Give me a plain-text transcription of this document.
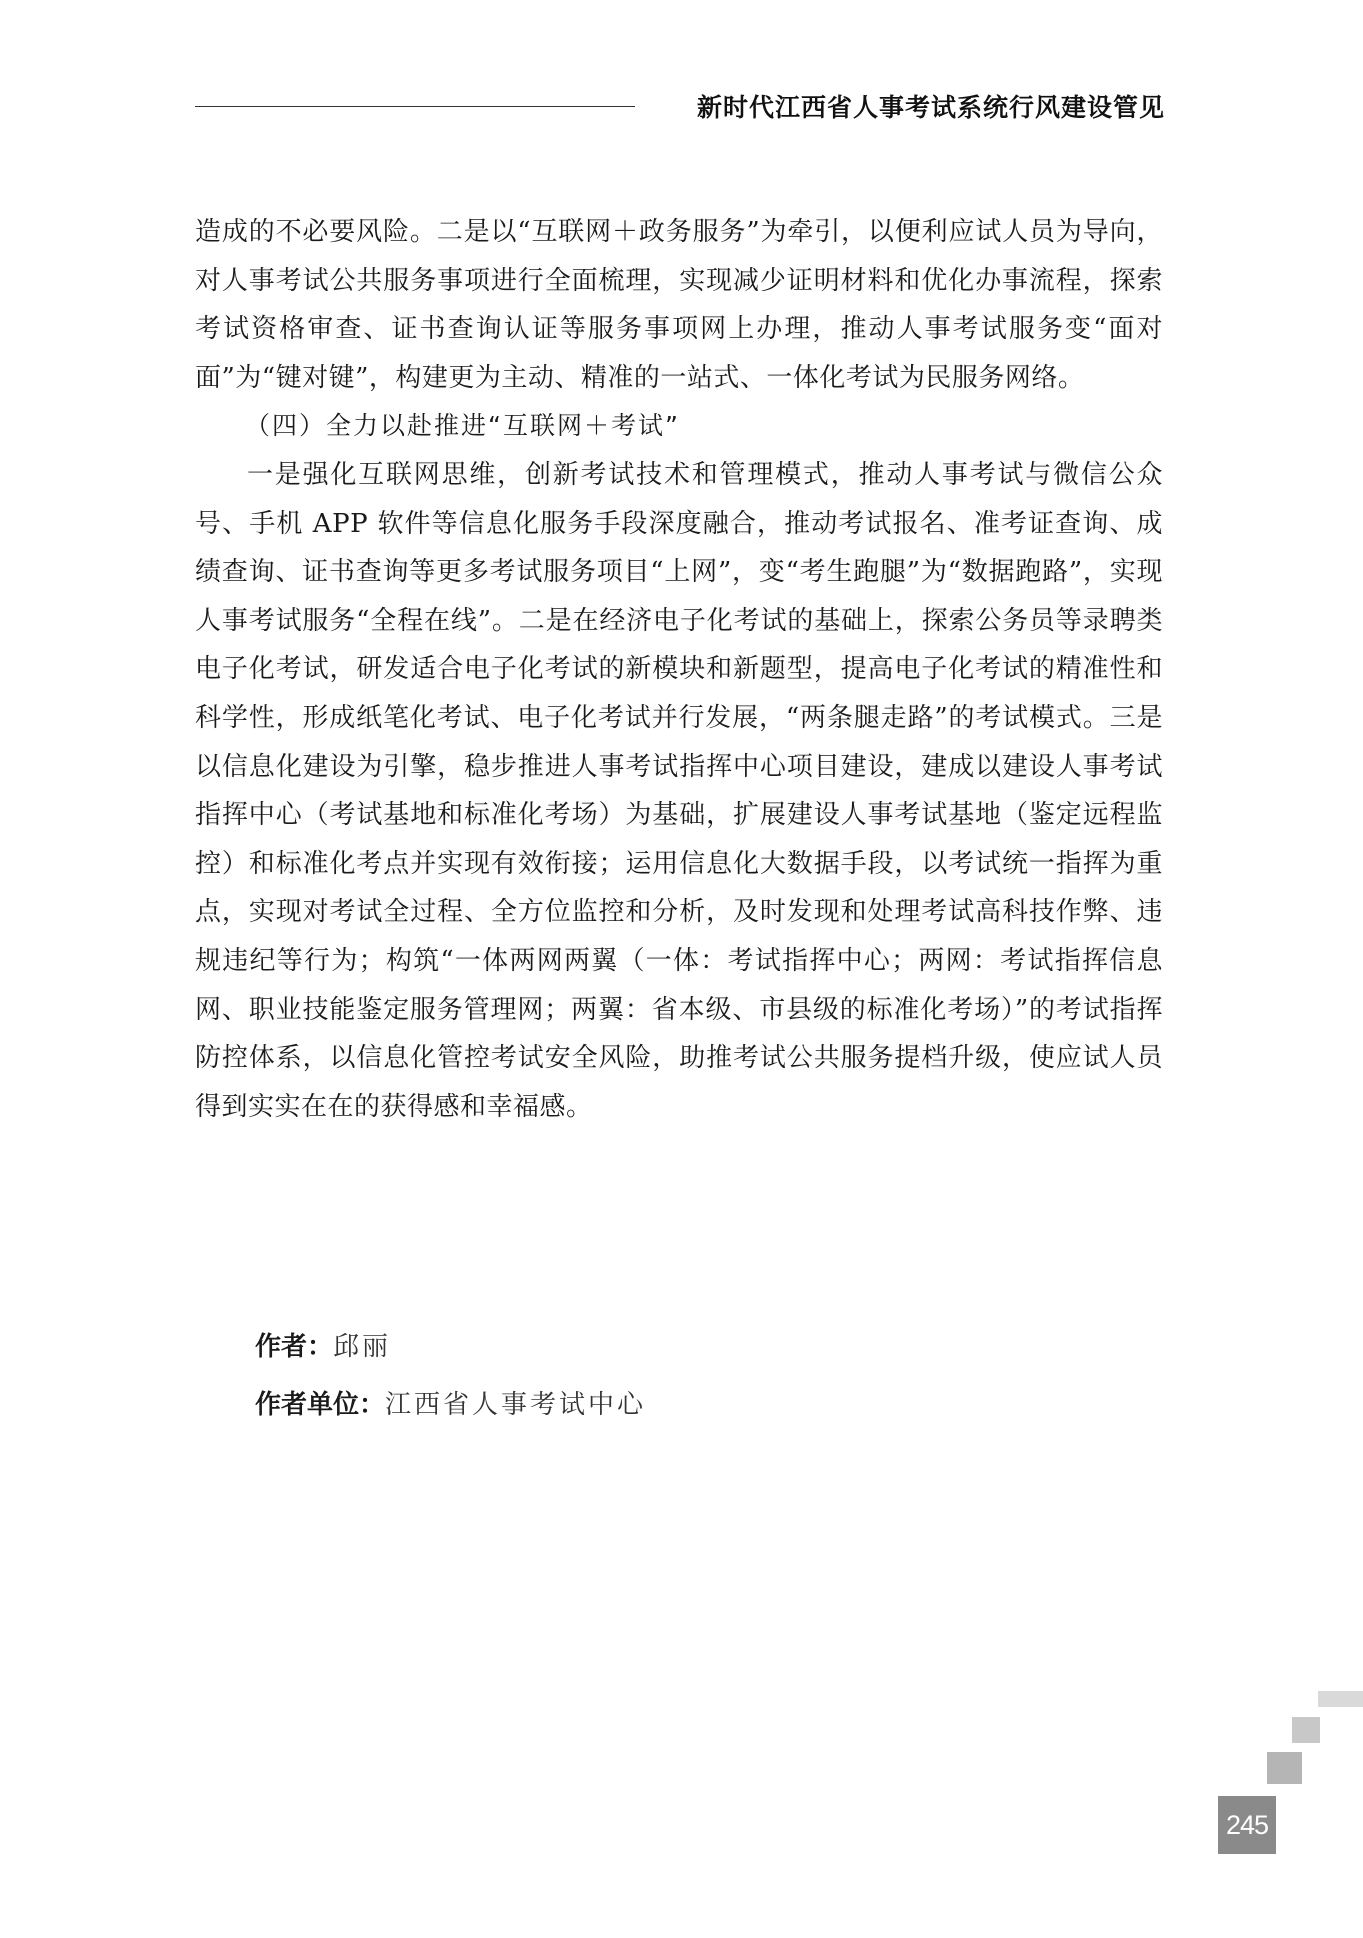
新时代江西省人事考试系统行风建设管见

造成的不必要风险。二是以“互联网＋政务服务”为牵引，以便利应试人员为导向，对人事考试公共服务事项进行全面梳理，实现减少证明材料和优化办事流程，探索考试资格审查、证书查询认证等服务事项网上办理，推动人事考试服务变“面对面”为“键对键”，构建更为主动、精准的一站式、一体化考试为民服务网络。

（四）全力以赴推进“互联网＋考试”

一是强化互联网思维，创新考试技术和管理模式，推动人事考试与微信公众号、手机 APP 软件等信息化服务手段深度融合，推动考试报名、准考证查询、成绩查询、证书查询等更多考试服务项目“上网”，变“考生跑腿”为“数据跑路”，实现人事考试服务“全程在线”。二是在经济电子化考试的基础上，探索公务员等录聘类电子化考试，研发适合电子化考试的新模块和新题型，提高电子化考试的精准性和科学性，形成纸笔化考试、电子化考试并行发展，“两条腿走路”的考试模式。三是以信息化建设为引擎，稳步推进人事考试指挥中心项目建设，建成以建设人事考试指挥中心（考试基地和标准化考场）为基础，扩展建设人事考试基地（鉴定远程监控）和标准化考点并实现有效衔接；运用信息化大数据手段，以考试统一指挥为重点，实现对考试全过程、全方位监控和分析，及时发现和处理考试高科技作弊、违规违纪等行为；构筑“一体两网两翼（一体：考试指挥中心；两网：考试指挥信息网、职业技能鉴定服务管理网；两翼：省本级、市县级的标准化考场）”的考试指挥防控体系，以信息化管控考试安全风险，助推考试公共服务提档升级，使应试人员得到实实在在的获得感和幸福感。

作者：邱丽
作者单位：江西省人事考试中心
245
